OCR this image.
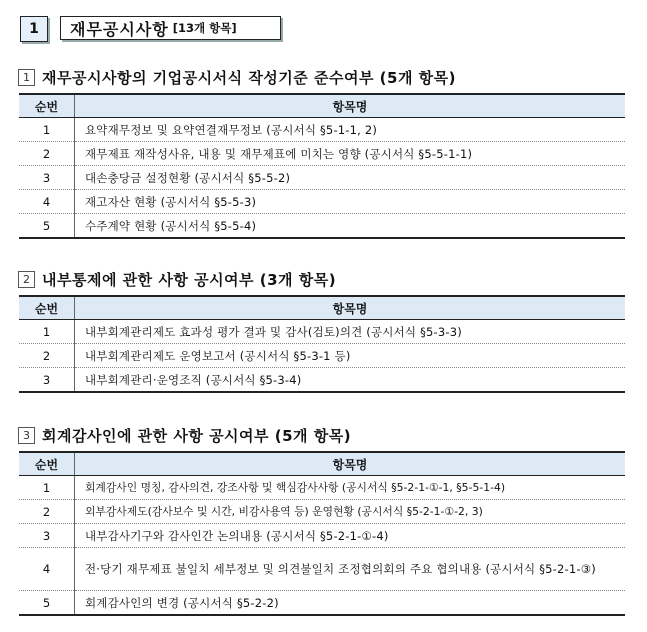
1	재무공시사항 [13개 항목]
1 재무공시사항의 기업공시서식 작성기준 준수여부 (5개 항목)
순번	항목명
1	요약재무정보 및 요약연결재무정보 (공시서식 §5-1-1, 2)
2	재무제표 재작성사유, 내용 및 재무제표에 미치는 영향 (공시서식 §5-5-1-1)
3	대손충당금 설정현황 (공시서식 §5-5-2)
4	재고자산 현황 (공시서식 §5-5-3)
5	수주계약 현황 (공시서식 §5-5-4)
2 내부통제에 관한 사항 공시여부 (3개 항목)
순번	항목명
1	내부회계관리제도 효과성 평가 결과 및 감사(검토)의견 (공시서식 §5-3-3)
2	내부회계관리제도 운영보고서 (공시서식 §5-3-1 등)
3	내부회계관리·운영조직 (공시서식 §5-3-4)
3 회계감사인에 관한 사항 공시여부 (5개 항목)
순번	항목명
1	회계감사인 명칭, 감사의견, 강조사항 및 핵심감사사항 (공시서식 §5-2-1-①-1, §5-5-1-4)
2	외부감사제도(감사보수 및 시간, 비감사용역 등) 운영현황 (공시서식 §5-2-1-①-2, 3)
3	내부감사기구와 감사인간 논의내용 (공시서식 §5-2-1-①-4)
4	전·당기 재무제표 불일치 세부정보 및 의견불일치 조정협의회의 주요 협의내용 (공시서식 §5-2-1-③)
5	회계감사인의 변경 (공시서식 §5-2-2)
